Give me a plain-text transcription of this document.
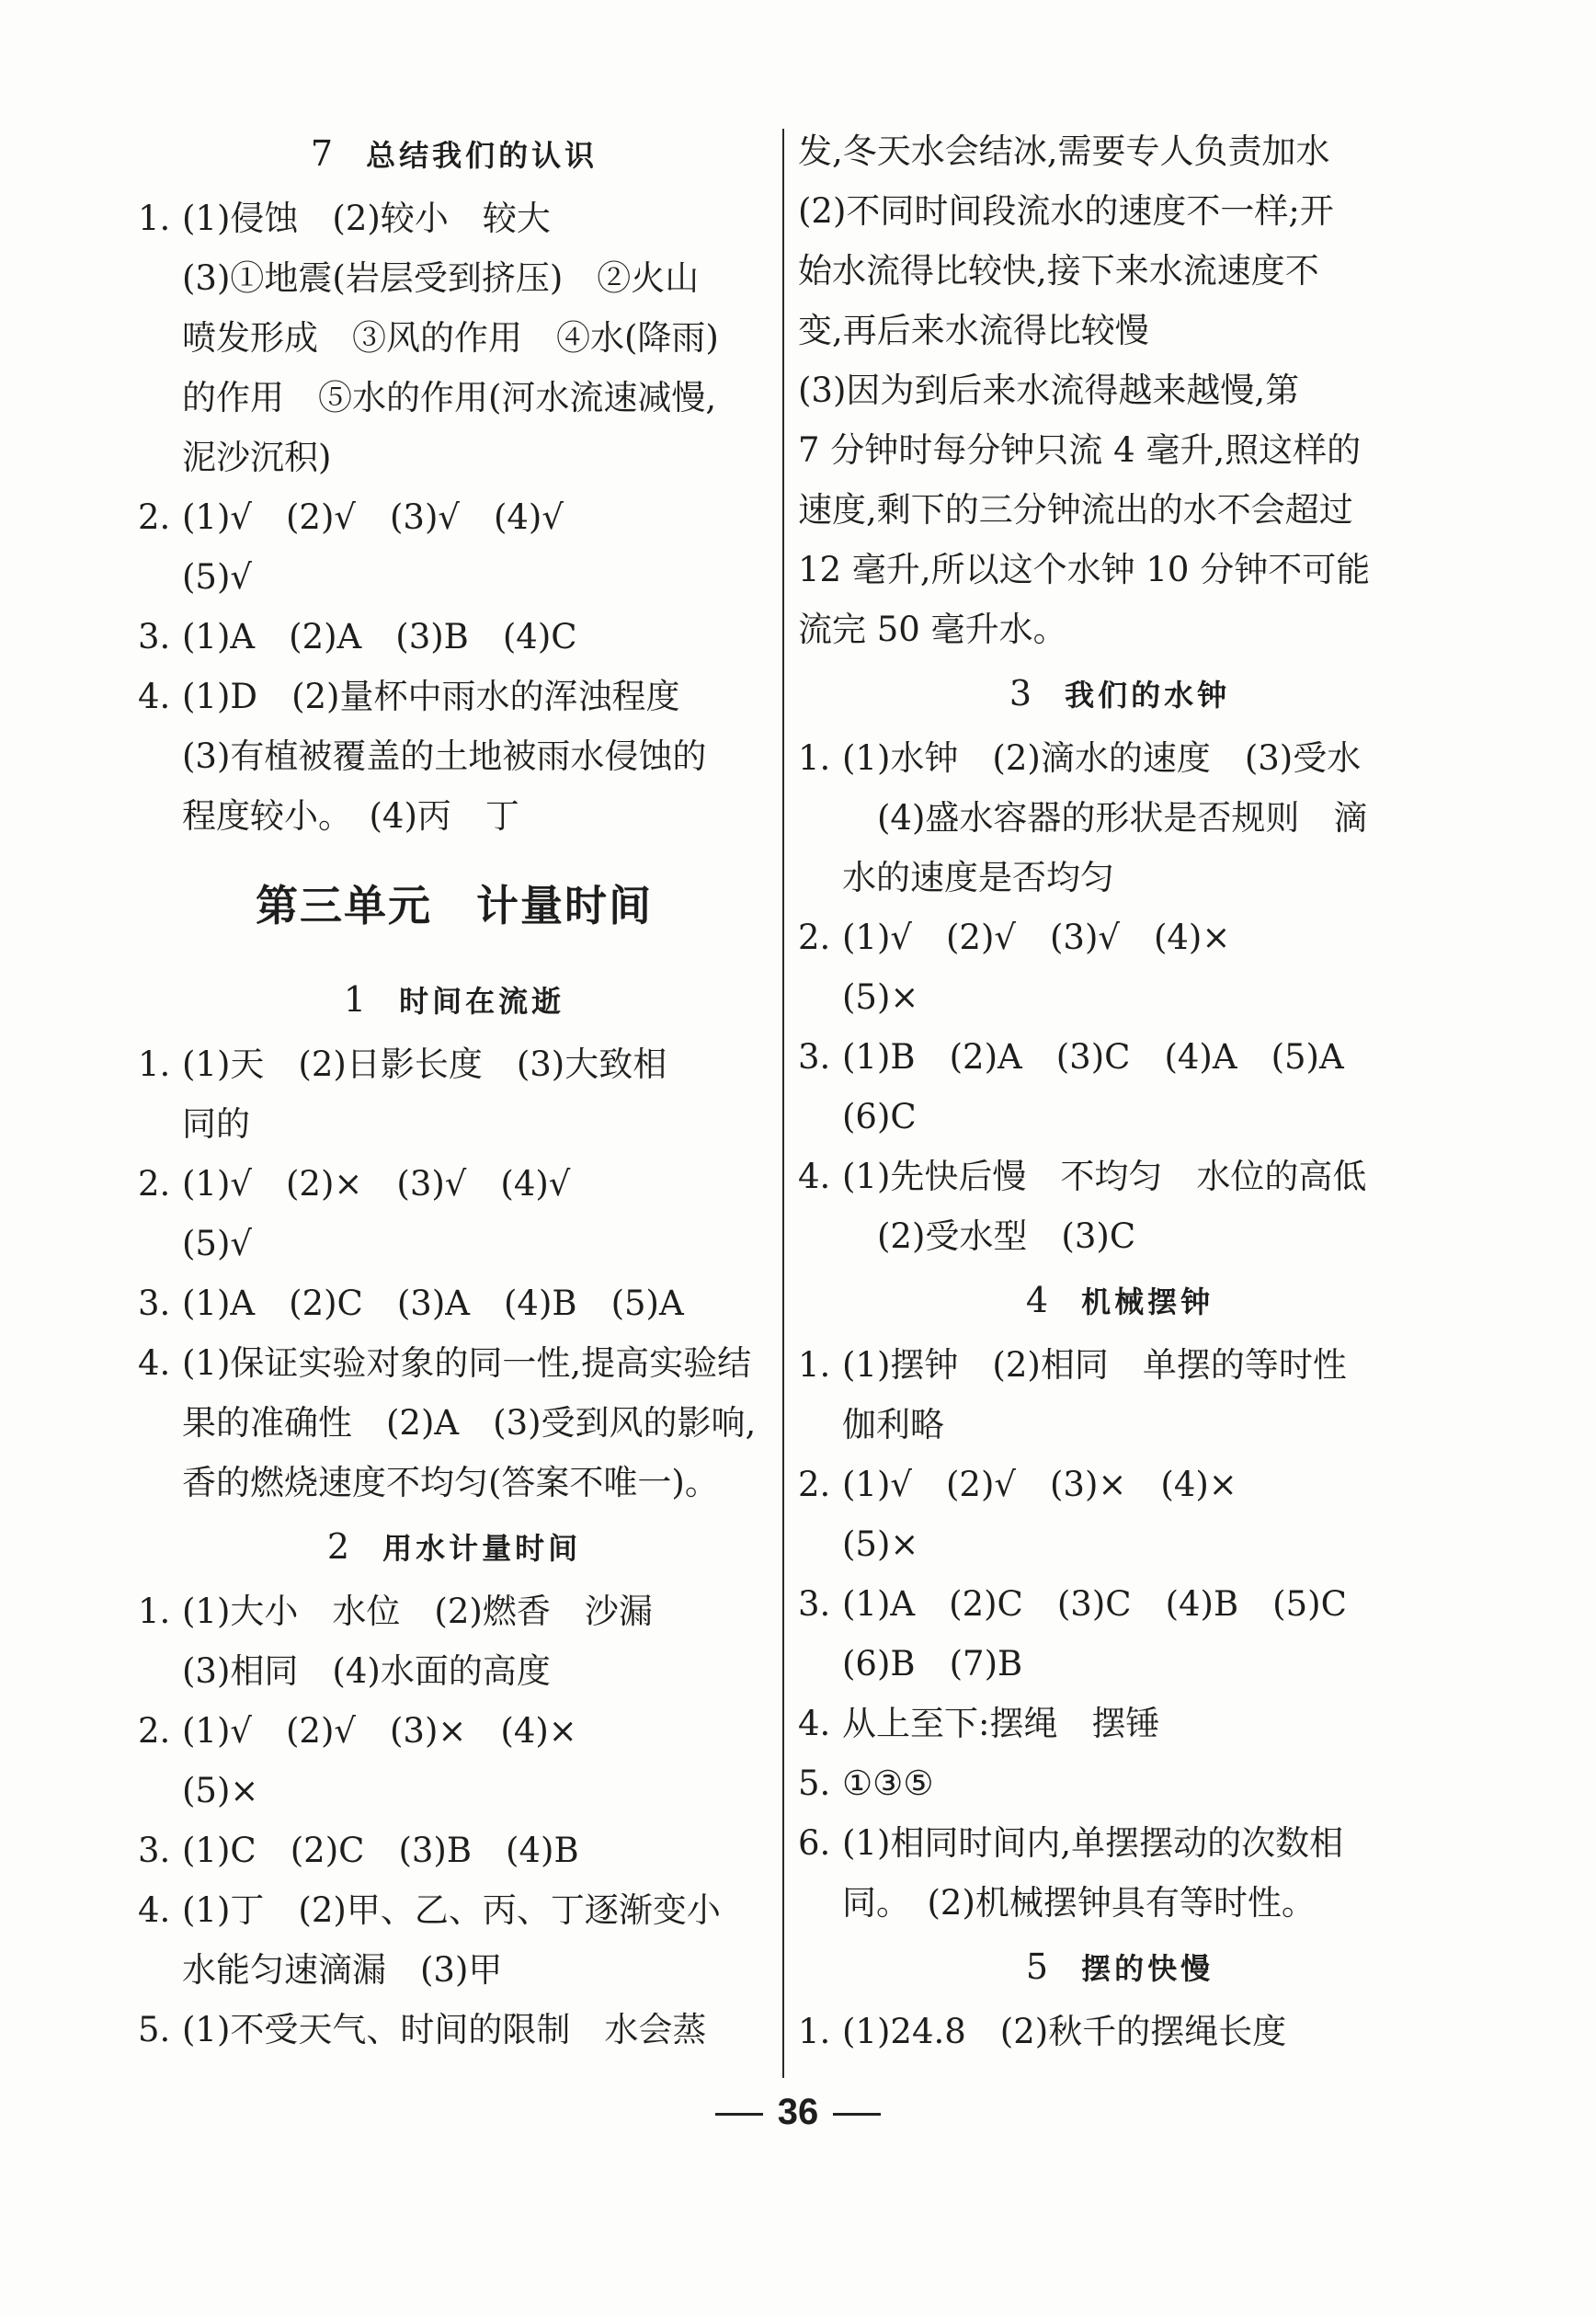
7 总结我们的认识
1. (1)侵蚀　(2)较小　较大
(3)①地震(岩层受到挤压)　②火山
喷发形成　③风的作用　④水(降雨)
的作用　⑤水的作用(河水流速减慢,
泥沙沉积)
2. (1)√　(2)√　(3)√　(4)√
(5)√
3. (1)A　(2)A　(3)B　(4)C
4. (1)D　(2)量杯中雨水的浑浊程度
(3)有植被覆盖的土地被雨水侵蚀的
程度较小。　(4)丙　丁
第三单元　计量时间
1 时间在流逝
1. (1)天　(2)日影长度　(3)大致相
同的
2. (1)√　(2)×　(3)√　(4)√
(5)√
3. (1)A　(2)C　(3)A　(4)B　(5)A
4. (1)保证实验对象的同一性,提高实验结
果的准确性　(2)A　(3)受到风的影响,
香的燃烧速度不均匀(答案不唯一)。
2 用水计量时间
1. (1)大小　水位　(2)燃香　沙漏
(3)相同　(4)水面的高度
2. (1)√　(2)√　(3)×　(4)×
(5)×
3. (1)C　(2)C　(3)B　(4)B
4. (1)丁　(2)甲、乙、丙、丁逐渐变小
水能匀速滴漏　(3)甲
5. (1)不受天气、时间的限制　水会蒸
发,冬天水会结冰,需要专人负责加水
(2)不同时间段流水的速度不一样;开
始水流得比较快,接下来水流速度不
变,再后来水流得比较慢
(3)因为到后来水流得越来越慢,第
7 分钟时每分钟只流 4 毫升,照这样的
速度,剩下的三分钟流出的水不会超过
12 毫升,所以这个水钟 10 分钟不可能
流完 50 毫升水。
3 我们的水钟
1. (1)水钟　(2)滴水的速度　(3)受水
(4)盛水容器的形状是否规则　滴
水的速度是否均匀
2. (1)√　(2)√　(3)√　(4)×
(5)×
3. (1)B　(2)A　(3)C　(4)A　(5)A
(6)C
4. (1)先快后慢　不均匀　水位的高低
(2)受水型　(3)C
4 机械摆钟
1. (1)摆钟　(2)相同　单摆的等时性
伽利略
2. (1)√　(2)√　(3)×　(4)×
(5)×
3. (1)A　(2)C　(3)C　(4)B　(5)C
(6)B　(7)B
4. 从上至下:摆绳　摆锤
5. ①③⑤
6. (1)相同时间内,单摆摆动的次数相
同。　(2)机械摆钟具有等时性。
5 摆的快慢
1. (1)24.8　(2)秋千的摆绳长度
36
